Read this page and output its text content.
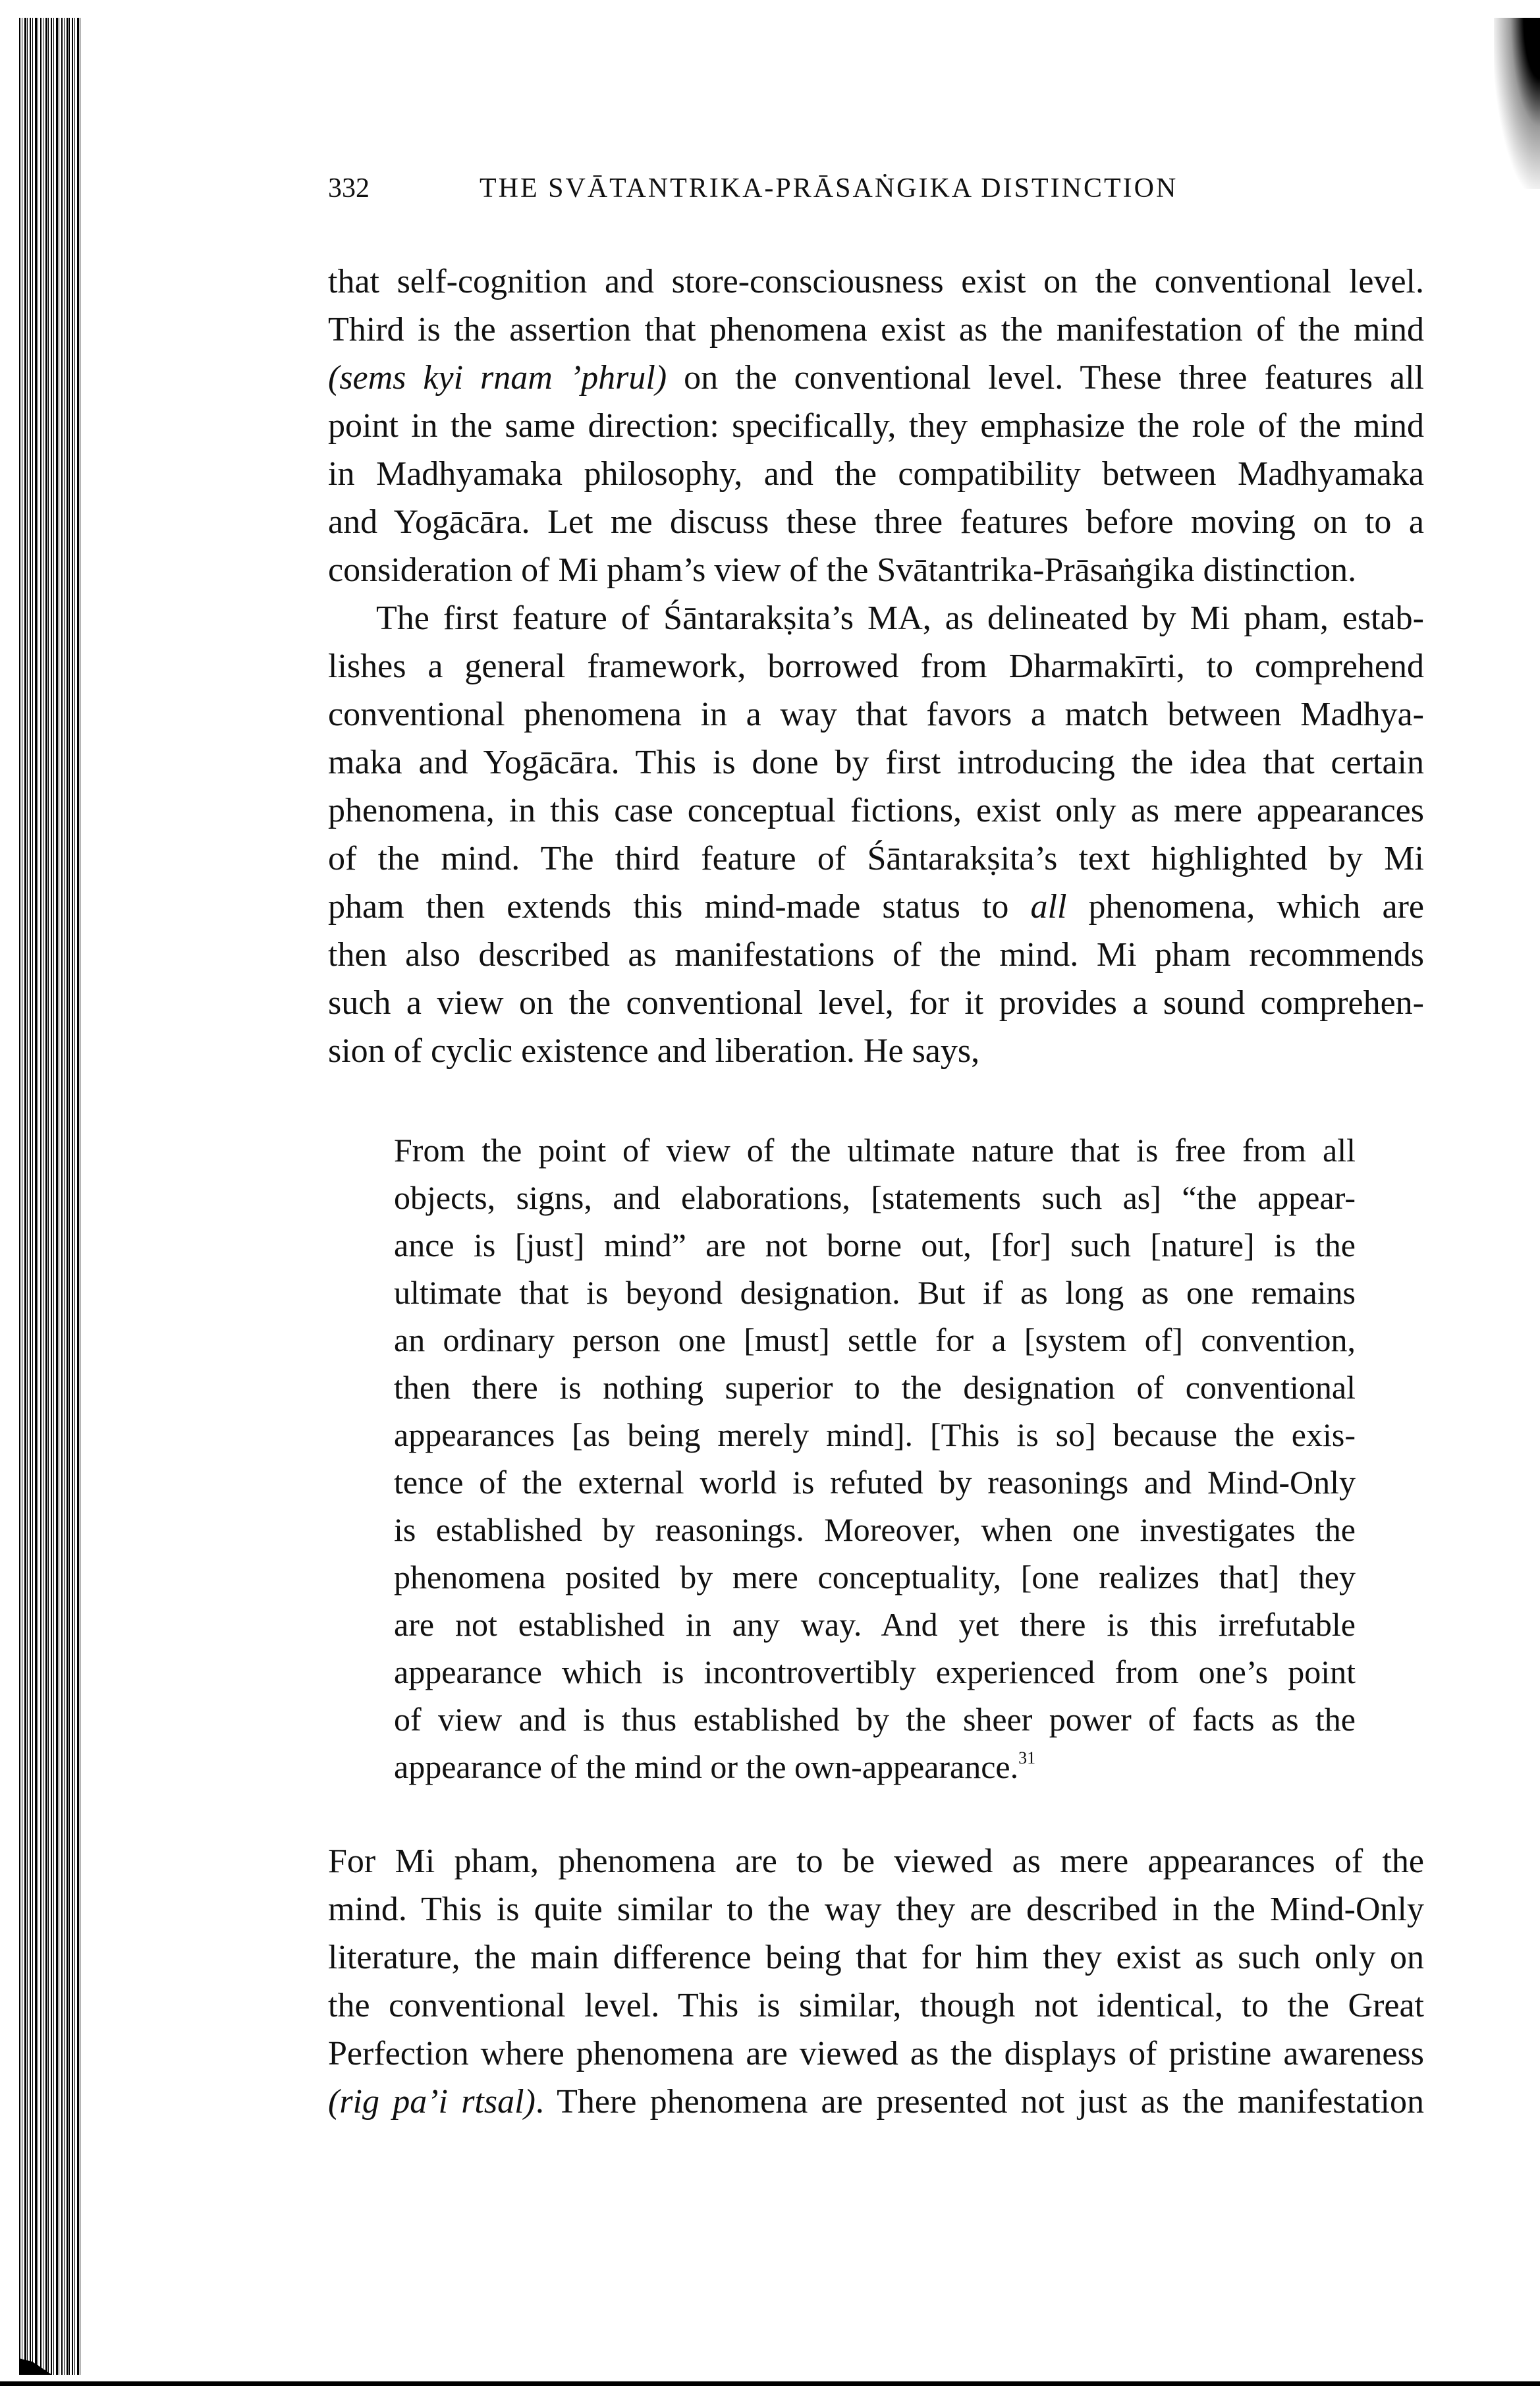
332	THE SVĀTANTRIKA-PRĀSAṄGIKA DISTINCTION
that self-cognition and store-consciousness exist on the conventional level.
Third is the assertion that phenomena exist as the manifestation of the mind
(sems kyi rnam ’phrul) on the conventional level. These three features all
point in the same direction: specifically, they emphasize the role of the mind
in Madhyamaka philosophy, and the compatibility between Madhyamaka
and Yogācāra. Let me discuss these three features before moving on to a
consideration of Mi pham’s view of the Svātantrika-Prāsaṅgika distinction.
The first feature of Śāntarakṣita’s MA, as delineated by Mi pham, estab-
lishes a general framework, borrowed from Dharmakīrti, to comprehend
conventional phenomena in a way that favors a match between Madhya-
maka and Yogācāra. This is done by first introducing the idea that certain
phenomena, in this case conceptual fictions, exist only as mere appearances
of the mind. The third feature of Śāntarakṣita’s text highlighted by Mi
pham then extends this mind-made status to all phenomena, which are
then also described as manifestations of the mind. Mi pham recommends
such a view on the conventional level, for it provides a sound comprehen-
sion of cyclic existence and liberation. He says,
From the point of view of the ultimate nature that is free from all
objects, signs, and elaborations, [statements such as] “the appear-
ance is [just] mind” are not borne out, [for] such [nature] is the
ultimate that is beyond designation. But if as long as one remains
an ordinary person one [must] settle for a [system of] convention,
then there is nothing superior to the designation of conventional
appearances [as being merely mind]. [This is so] because the exis-
tence of the external world is refuted by reasonings and Mind-Only
is established by reasonings. Moreover, when one investigates the
phenomena posited by mere conceptuality, [one realizes that] they
are not established in any way. And yet there is this irrefutable
appearance which is incontrovertibly experienced from one’s point
of view and is thus established by the sheer power of facts as the
appearance of the mind or the own-appearance.$^{31}$
For Mi pham, phenomena are to be viewed as mere appearances of the
mind. This is quite similar to the way they are described in the Mind-Only
literature, the main difference being that for him they exist as such only on
the conventional level. This is similar, though not identical, to the Great
Perfection where phenomena are viewed as the displays of pristine awareness
(rig pa’i rtsal). There phenomena are presented not just as the manifestation
